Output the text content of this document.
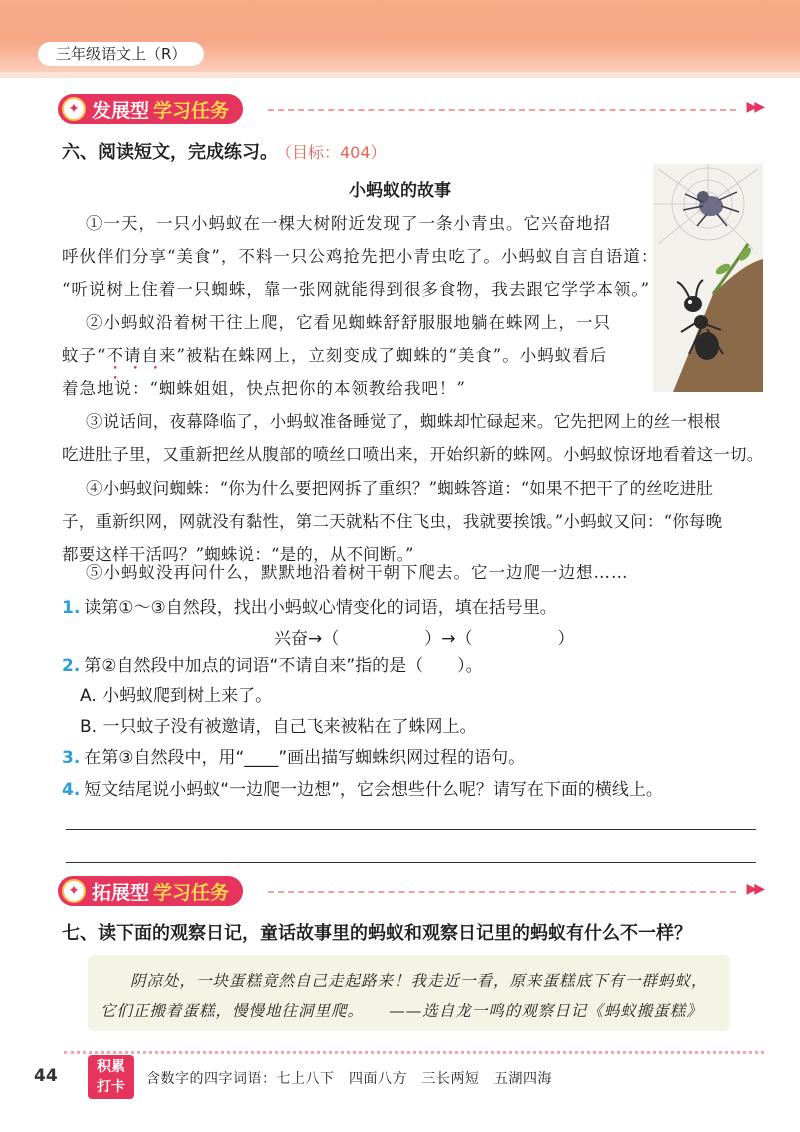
三年级语文上（R）
✦ 发展型 学习任务	▶▶
六、阅读短文，完成练习。 （目标：404）
小蚂蚁的故事
①一天，一只小蚂蚁在一棵大树附近发现了一条小青虫。它兴奋地招
呼伙伴们分享“美食”，不料一只公鸡抢先把小青虫吃了。小蚂蚁自言自语道：
“听说树上住着一只蜘蛛，靠一张网就能得到很多食物，我去跟它学学本领。”
②小蚂蚁沿着树干往上爬，它看见蜘蛛舒舒服服地躺在蛛网上，一只
蚊子“不请自来 • • • •”被粘在蛛网上，立刻变成了蜘蛛的“美食”。小蚂蚁看后
着急地说：“蜘蛛姐姐，快点把你的本领教给我吧！”
③说话间，夜幕降临了，小蚂蚁准备睡觉了，蜘蛛却忙碌起来。它先把网上的丝一根根
吃进肚子里，又重新把丝从腹部的喷丝口喷出来，开始织新的蛛网。小蚂蚁惊讶地看着这一切。
④小蚂蚁问蜘蛛：“你为什么要把网拆了重织？”蜘蛛答道：“如果不把干了的丝吃进肚
子，重新织网，网就没有黏性，第二天就粘不住飞虫，我就要挨饿。”小蚂蚁又问：“你每晚
都要这样干活吗？”蜘蛛说：“是的，从不间断。”
⑤小蚂蚁没再问什么，默默地沿着树干朝下爬去。它一边爬一边想……
1. 读第①～③自然段，找出小蚂蚁心情变化的词语，填在括号里。
兴奋→（　　　　　）→（　　　　　）
2. 第②自然段中加点的词语“不请自来”指的是（　　）。
A. 小蚂蚁爬到树上来了。
B. 一只蚊子没有被邀请，自己飞来被粘在了蛛网上。
3. 在第③自然段中，用“____”画出描写蜘蛛织网过程的语句。
4. 短文结尾说小蚂蚁“一边爬一边想”，它会想些什么呢？请写在下面的横线上。
✦ 拓展型 学习任务	▶▶
七、读下面的观察日记，童话故事里的蚂蚁和观察日记里的蚂蚁有什么不一样？
阴凉处，一块蛋糕竟然自己走起路来！我走近一看，原来蛋糕底下有一群蚂蚁，
它们正搬着蛋糕，慢慢地往洞里爬。　　——选自龙一鸣的观察日记《蚂蚁搬蛋糕》
44	积累
打卡	含数字的四字词语：七上八下　四面八方　三长两短　五湖四海
